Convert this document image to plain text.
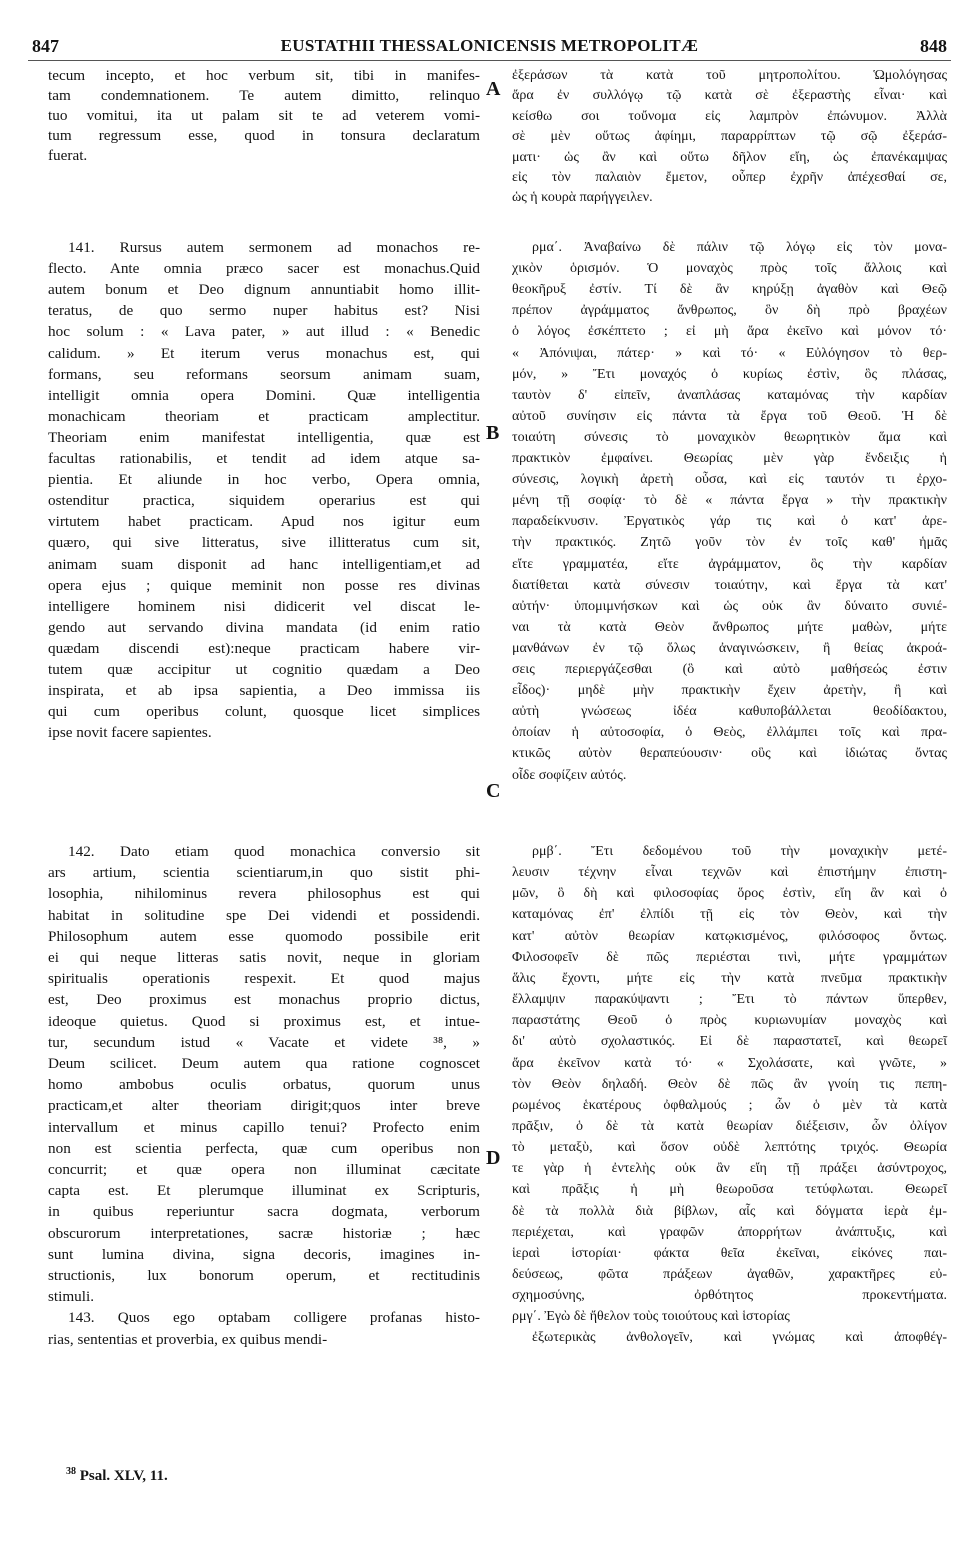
847	EUSTATHII THESSALONICENSIS METROPOLITÆ	848
tecum incepto, et hoc verbum sit, tibi in manifes-
tam condemnationem. Te autem dimitto, relinquo
tuo vomitui, ita ut palam sit te ad veterem vomi-
tum regressum esse, quod in tonsura declaratum
fuerat.
141. Rursus autem sermonem ad monachos re-
flecto. Ante omnia præco sacer est monachus.Quid
autem bonum et Deo dignum annuntiabit homo illit-
teratus, de quo sermo nuper habitus est? Nisi
hoc solum : « Lava pater, » aut illud : « Benedic
calidum. » Et iterum verus monachus est, qui
formans, seu reformans seorsum animam suam,
intelligit omnia opera Domini. Quæ intelligentia
monachicam theoriam et practicam amplectitur.
Theoriam enim manifestat intelligentia, quæ est
facultas rationabilis, et tendit ad idem atque sa-
pientia. Et aliunde in hoc verbo, Opera omnia,
ostenditur practica, siquidem operarius est qui
virtutem habet practicam. Apud nos igitur eum
quæro, qui sive litteratus, sive illitteratus cum sit,
animam suam disponit ad hanc intelligentiam,et ad
opera ejus ; quique meminit non posse res divinas
intelligere hominem nisi didicerit vel discat le-
gendo aut servando divina mandata (id enim ratio
quædam discendi est):neque practicam habere vir-
tutem quæ accipitur ut cognitio quædam a Deo
inspirata, et ab ipsa sapientia, a Deo immissa iis
qui cum operibus colunt, quosque licet simplices
ipse novit facere sapientes.
142. Dato etiam quod monachica conversio sit
ars artium, scientia scientiarum,in quo sistit phi-
losophia, nihilominus revera philosophus est qui
habitat in solitudine spe Dei videndi et possidendi.
Philosophum autem esse quomodo possibile erit
ei qui neque litteras satis novit, neque in gloriam
spiritualis operationis respexit. Et quod majus
est, Deo proximus est monachus proprio dictus,
ideoque quietus. Quod si proximus est, et intue-
tur, secundum istud « Vacate et videte ³⁸, »
Deum scilicet. Deum autem qua ratione cognoscet
homo ambobus oculis orbatus, quorum unus
practicam,et alter theoriam dirigit;quos inter breve
intervallum et minus capillo tenui? Profecto enim
non est scientia perfecta, quæ cum operibus non
concurrit; et quæ opera non illuminat cæcitate
capta est. Et plerumque illuminat ex Scripturis,
in quibus reperiuntur sacra dogmata, verborum
obscurorum interpretationes, sacræ historiæ ; hæc
sunt lumina divina, signa decoris, imagines in-
structionis, lux bonorum operum, et rectitudinis
stimuli.
143. Quos ego optabam colligere profanas histo-
rias, sententias et proverbia, ex quibus mendi-
ἐξεράσων τὰ κατὰ τοῦ μητροπολίτου. Ὡμολόγησας
ἄρα ἐν συλλόγῳ τῷ κατὰ σὲ ἐξεραστὴς εἶναι· καὶ
κείσθω σοι τοὔνομα εἰς λαμπρὸν ἐπώνυμον. Ἀλλὰ
σὲ μὲν οὕτως ἀφίημι, παραρρίπτων τῷ σῷ ἐξεράσ-
ματι· ὡς ἂν καὶ οὕτω δῆλον εἴη, ὡς ἐπανέκαμψας
εἰς τὸν παλαιὸν ἔμετον, οὗπερ ἐχρῆν ἀπέχεσθαί σε,
ὡς ἡ κουρὰ παρήγγειλεν.
ρμα΄. Ἀναβαίνω δὲ πάλιν τῷ λόγῳ εἰς τὸν μονα-
χικὸν ὁρισμόν. Ὁ μοναχὸς πρὸς τοῖς ἄλλοις καὶ
θεοκῆρυξ ἐστίν. Τί δὲ ἂν κηρύξῃ ἀγαθὸν καὶ Θεῷ
πρέπον ἀγράμματος ἄνθρωπος, ὃν δὴ πρὸ βραχέων
ὁ λόγος ἐσκέπτετο ; εἰ μὴ ἄρα ἐκεῖνο καὶ μόνον τό·
« Ἀπόνιψαι, πάτερ· » καὶ τό· « Εὐλόγησον τὸ θερ-
μόν, » Ἔτι μοναχός ὁ κυρίως ἐστὶν, ὃς πλάσας,
ταυτὸν δ' εἰπεῖν, ἀναπλάσας καταμόνας τὴν καρδίαν
αὐτοῦ συνίησιν εἰς πάντα τὰ ἔργα τοῦ Θεοῦ. Ἡ δὲ
τοιαύτη σύνεσις τὸ μοναχικὸν θεωρητικὸν ἅμα καὶ
πρακτικὸν ἐμφαίνει. Θεωρίας μὲν γὰρ ἔνδειξις ἡ
σύνεσις, λογικὴ ἀρετὴ οὖσα, καὶ εἰς ταυτόν τι ἐρχο-
μένη τῇ σοφίᾳ· τὸ δὲ « πάντα ἔργα » τὴν πρακτικὴν
παραδείκνυσιν. Ἐργατικὸς γάρ τις καὶ ὁ κατ' ἀρε-
τὴν πρακτικός. Ζητῶ γοῦν τὸν ἐν τοῖς καθ' ἡμᾶς
εἴτε γραμματέα, εἴτε ἀγράμματον, ὃς τὴν καρδίαν
διατίθεται κατὰ σύνεσιν τοιαύτην, καὶ ἔργα τὰ κατ'
αὐτήν· ὑπομιμνήσκων καὶ ὡς οὐκ ἂν δύναιτο συνιέ-
ναι τὰ κατὰ Θεὸν ἄνθρωπος μήτε μαθὼν, μήτε
μανθάνων ἐν τῷ ὅλως ἀναγινώσκειν, ἢ θείας ἀκροά-
σεις περιεργάζεσθαι (ὃ καὶ αὐτὸ μαθήσεώς ἐστιν
εἶδος)· μηδὲ μὴν πρακτικὴν ἔχειν ἀρετὴν, ἢ καὶ
αὐτὴ γνώσεως ἰδέα καθυποβάλλεται θεοδίδακτου,
ὁποίαν ἡ αὐτοσοφία, ὁ Θεὸς, ἐλλάμπει τοῖς καὶ πρα-
κτικῶς αὐτὸν θεραπεύουσιν· οὓς καὶ ἰδιώτας ὄντας
οἶδε σοφίζειν αὐτός.
ρμβ΄. Ἔτι δεδομένου τοῦ τὴν μοναχικὴν μετέ-
λευσιν τέχνην εἶναι τεχνῶν καὶ ἐπιστήμην ἐπιστη-
μῶν, ὃ δὴ καὶ φιλοσοφίας ὅρος ἐστὶν, εἴη ἂν καὶ ὁ
καταμόνας ἐπ' ἐλπίδι τῇ εἰς τὸν Θεὸν, καὶ τὴν
κατ' αὐτὸν θεωρίαν κατῳκισμένος, φιλόσοφος ὄντως.
Φιλοσοφεῖν δὲ πῶς περιέσται τινὶ, μήτε γραμμάτων
ἅλις ἔχοντι, μήτε εἰς τὴν κατὰ πνεῦμα πρακτικὴν
ἔλλαμψιν παρακύψαντι ; Ἔτι τὸ πάντων ὕπερθεν,
παραστάτης Θεοῦ ὁ πρὸς κυριωνυμίαν μοναχὸς καὶ
δι' αὐτὸ σχολαστικός. Εἰ δὲ παραστατεῖ, καὶ θεωρεῖ
ἄρα ἐκεῖνον κατὰ τό· « Σχολάσατε, καὶ γνῶτε, »
τὸν Θεὸν δηλαδή. Θεὸν δὲ πῶς ἂν γνοίη τις πεπη-
ρωμένος ἑκατέρους ὀφθαλμούς ; ὧν ὁ μὲν τὰ κατὰ
πρᾶξιν, ὁ δὲ τὰ κατὰ θεωρίαν διέξεισιν, ὧν ὀλίγον
τὸ μεταξὺ, καὶ ὅσον οὐδὲ λεπτότης τριχός. Θεωρία
τε γὰρ ἡ ἐντελὴς οὐκ ἂν εἴη τῇ πράξει ἀσύντροχος,
καὶ πρᾶξις ἡ μὴ θεωροῦσα τετύφλωται. Θεωρεῖ
δὲ τὰ πολλὰ διὰ βίβλων, αἷς καὶ δόγματα ἱερὰ ἐμ-
περιέχεται, καὶ γραφῶν ἀπορρήτων ἀνάπτυξις, καὶ
ἱεραὶ ἱστορίαι· φάκτα θεῖα ἐκεῖναι, εἰκόνες παι-
δεύσεως, φῶτα πράξεων ἀγαθῶν, χαρακτῆρες εὐ-
σχημοσύνης, ὀρθότητος προκεντήματα.
ρμγ΄. Ἐγὼ δὲ ἤθελον τοὺς τοιούτους καὶ ἱστορίας
ἐξωτερικὰς ἀνθολογεῖν, καὶ γνώμας καὶ ἀποφθέγ-
A
B
C
D
$^{38}$ Psal. XLV, 11.
